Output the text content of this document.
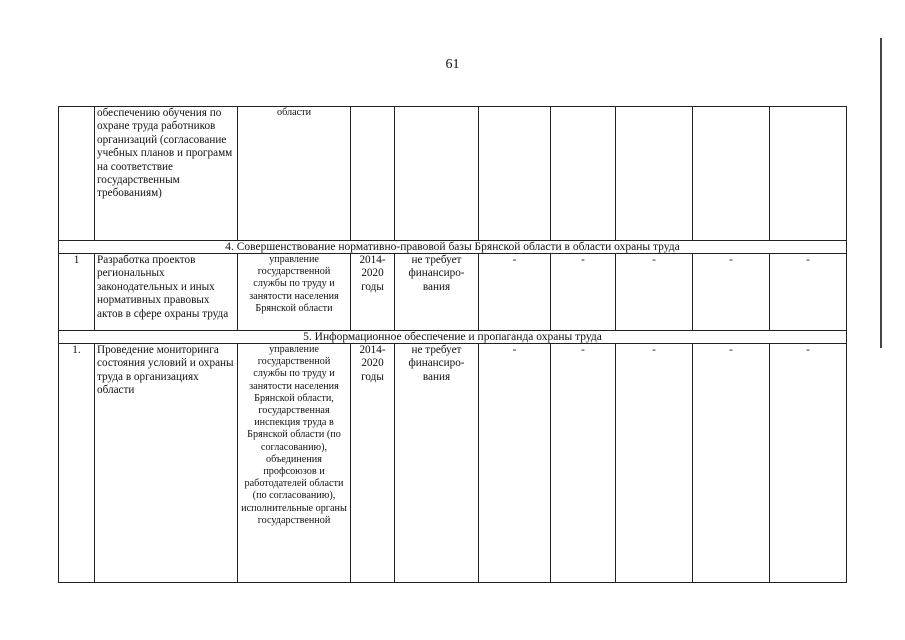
61
	обеспечению обучения по охране труда работников организаций (согласование учебных планов и программ на соответствие государственным требованиям)	области							
4. Совершенствование нормативно-правовой базы Брянской области в области охраны труда									
1	Разработка проектов региональных законодательных и иных нормативных правовых актов в сфере охраны труда	управление государственной службы по труду и занятости населения Брянской области	2014-2020 годы	не требует финансиро-вания	-	-	-	-	-
5. Информационное обеспечение и пропаганда охраны труда									
1.	Проведение мониторинга состояния условий и охраны труда в организациях области	управление государственной службы по труду и занятости населения Брянской области, государственная инспекция труда в Брянской области (по согласованию), объединения профсоюзов и работодателей области (по согласованию), исполнительные органы государственной	2014-2020 годы	не требует финансиро-вания	-	-	-	-	-
